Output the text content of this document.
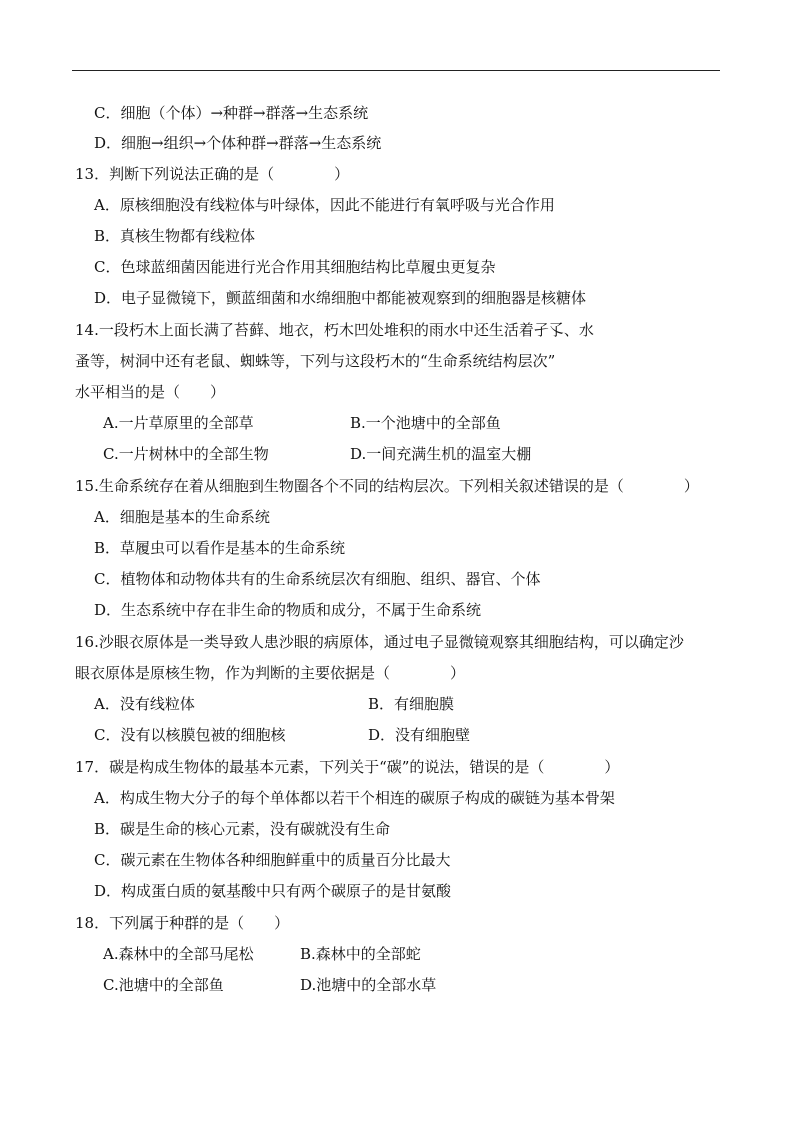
C．细胞（个体）→种群→群落→生态系统
D．细胞→组织→个体种群→群落→生态系统
13．判断下列说法正确的是（　　　　）
A．原核细胞没有线粒体与叶绿体，因此不能进行有氧呼吸与光合作用
B．真核生物都有线粒体
C．色球蓝细菌因能进行光合作用其细胞结构比草履虫更复杂
D．电子显微镜下，颤蓝细菌和水绵细胞中都能被观察到的细胞器是核糖体
14.一段朽木上面长满了苔藓、地衣，朽木凹处堆积的雨水中还生活着孑孓、水
蚤等，树洞中还有老鼠、蜘蛛等，下列与这段朽木的“生命系统结构层次”
水平相当的是（　　）
A.一片草原里的全部草	B.一个池塘中的全部鱼
C.一片树林中的全部生物	D.一间充满生机的温室大棚
15.生命系统存在着从细胞到生物圈各个不同的结构层次。下列相关叙述错误的是（　　　　）
A．细胞是基本的生命系统
B．草履虫可以看作是基本的生命系统
C．植物体和动物体共有的生命系统层次有细胞、组织、器官、个体
D．生态系统中存在非生命的物质和成分，不属于生命系统
16.沙眼衣原体是一类导致人患沙眼的病原体，通过电子显微镜观察其细胞结构，可以确定沙
眼衣原体是原核生物，作为判断的主要依据是（　　　　）
A．没有线粒体	B．有细胞膜
C．没有以核膜包被的细胞核	D．没有细胞壁
17．碳是构成生物体的最基本元素，下列关于“碳”的说法，错误的是（　　　　）
A．构成生物大分子的每个单体都以若干个相连的碳原子构成的碳链为基本骨架
B．碳是生命的核心元素，没有碳就没有生命
C．碳元素在生物体各种细胞鲜重中的质量百分比最大
D．构成蛋白质的氨基酸中只有两个碳原子的是甘氨酸
18．下列属于种群的是（　　）
A.森林中的全部马尾松	B.森林中的全部蛇
C.池塘中的全部鱼	D.池塘中的全部水草
